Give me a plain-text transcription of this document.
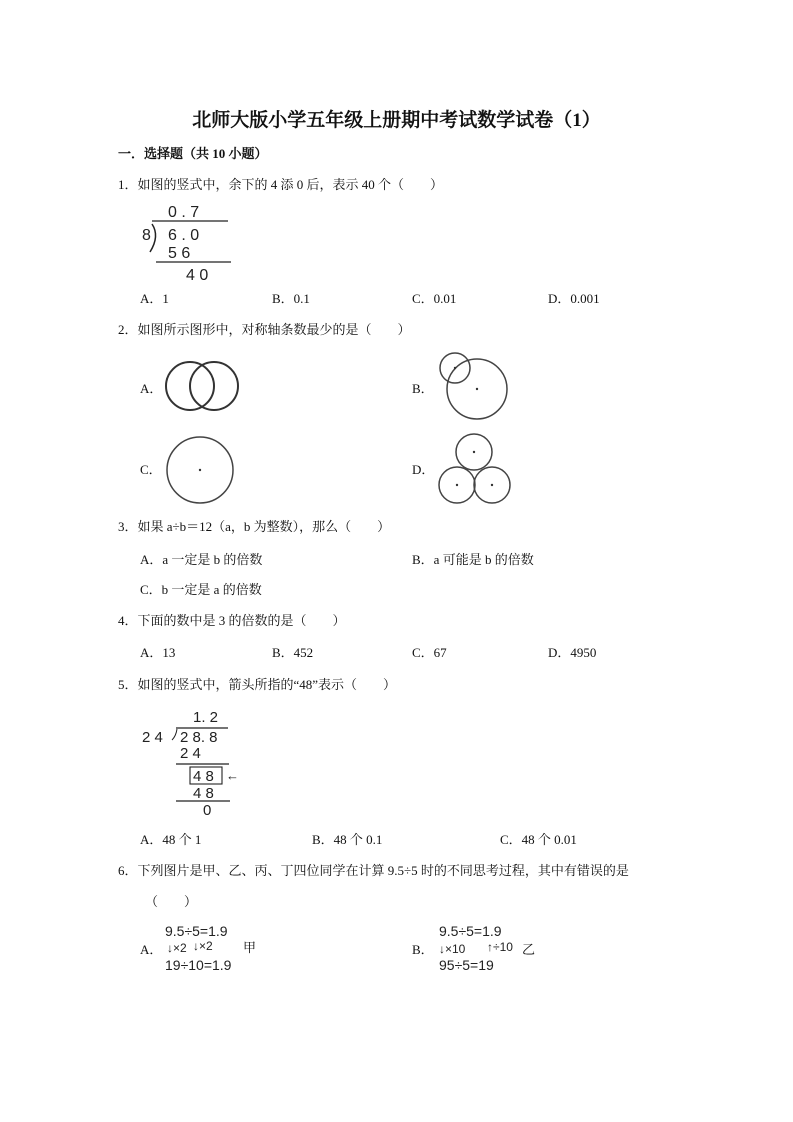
北师大版小学五年级上册期中考试数学试卷（1）
一．选择题（共 10 小题）
1．如图的竖式中，余下的 4 添 0 后，表示 40 个（　　）
0 . 7
8 6 . 0
5 6
4 0
A．1	B．0.1	C．0.01	D．0.001
2．如图所示图形中，对称轴条数最少的是（　　）
A．	B．
C．	D．
3．如果 a÷b＝12（a，b 为整数），那么（　　）
A．a 一定是 b 的倍数	B．a 可能是 b 的倍数
C．b 一定是 a 的倍数
4．下面的数中是 3 的倍数的是（　　）
A．13	B．452	C．67	D．4950
5．如图的竖式中，箭头所指的“48”表示（　　）
1. 2
2 4 2 8. 8
2 4
4 8 ←
4 8
0
A．48 个 1	B．48 个 0.1	C．48 个 0.01
6．下列图片是甲、乙、丙、丁四位同学在计算 9.5÷5 时的不同思考过程，其中有错误的是
（　　）
A．
9.5÷5=1.9
↓×2 ↓×2
19÷10=1.9
甲	B．
9.5÷5=1.9
↓×10 ↑÷10
95÷5=19
乙
